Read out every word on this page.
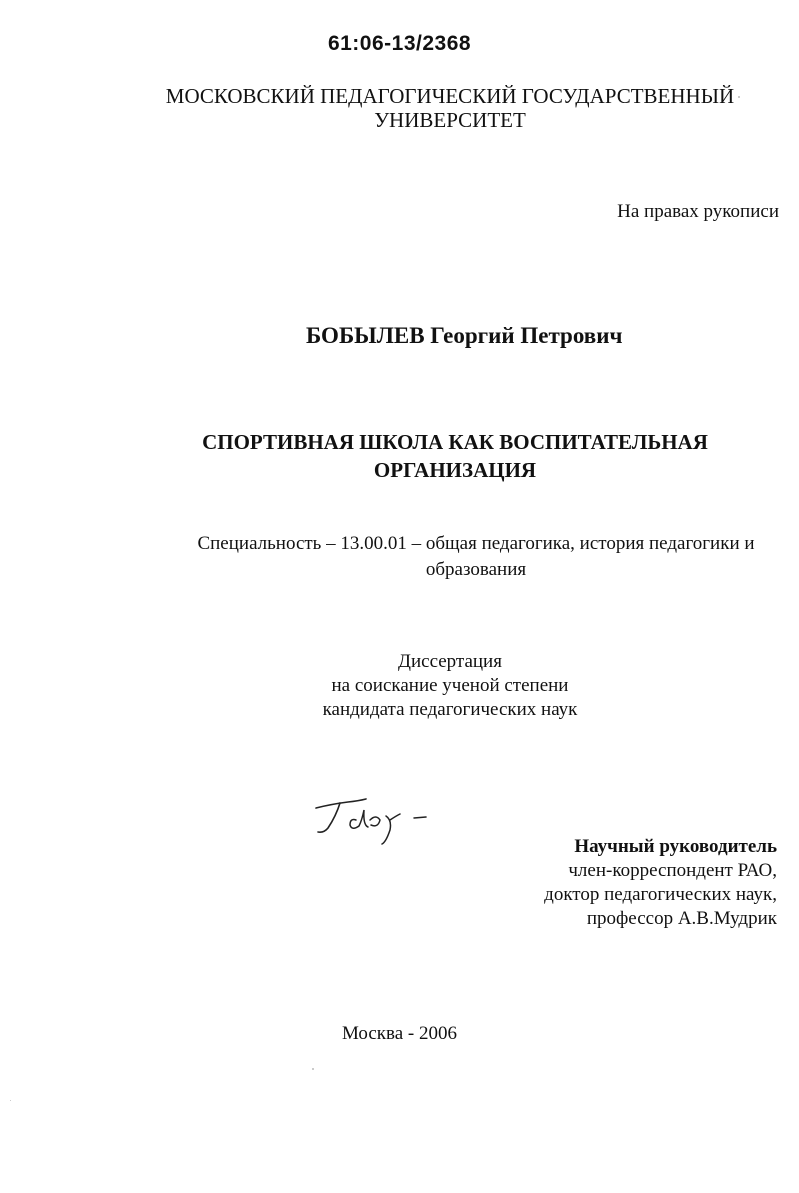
61:06-13/2368
МОСКОВСКИЙ ПЕДАГОГИЧЕСКИЙ ГОСУДАРСТВЕННЫЙ
УНИВЕРСИТЕТ
На правах рукописи
БОБЫЛЕВ Георгий Петрович
СПОРТИВНАЯ ШКОЛА КАК ВОСПИТАТЕЛЬНАЯ
ОРГАНИЗАЦИЯ
Специальность – 13.00.01 – общая педагогика, история педагогики и
образования
Диссертация
на соискание ученой степени
кандидата педагогических наук
Научный руководитель
член-корреспондент РАО,
доктор педагогических наук,
профессор А.В.Мудрик
Москва - 2006
